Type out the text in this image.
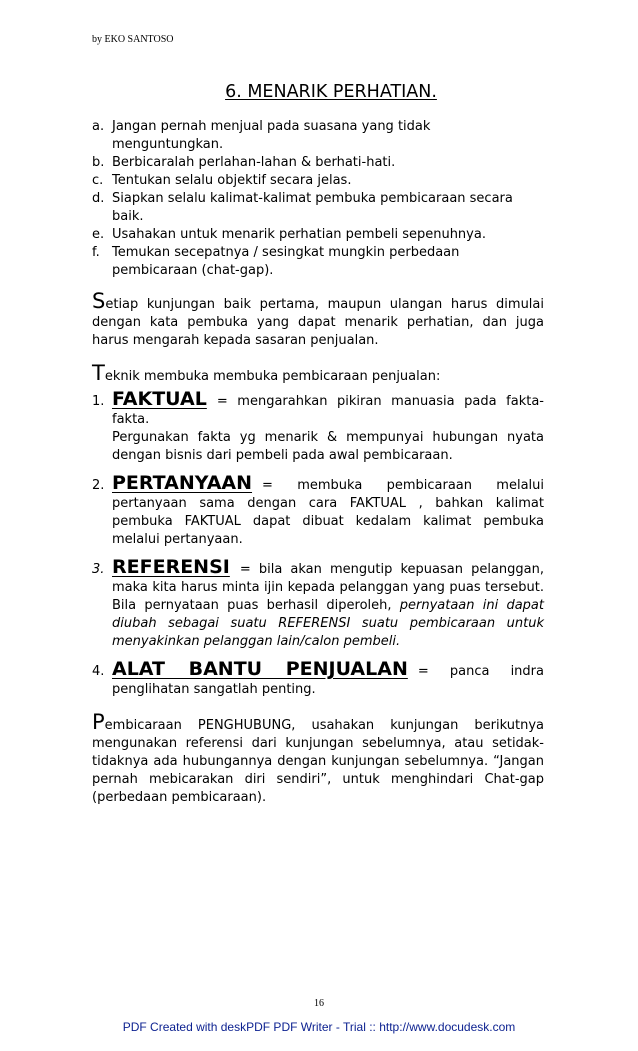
by EKO SANTOSO
6. MENARIK PERHATIAN.
a. Jangan pernah menjual pada suasana yang tidak menguntungkan.
b. Berbicaralah perlahan-lahan & berhati-hati.
c. Tentukan selalu objektif secara jelas.
d. Siapkan selalu kalimat-kalimat pembuka pembicaraan secara baik.
e. Usahakan untuk menarik perhatian pembeli sepenuhnya.
f. Temukan secepatnya / sesingkat mungkin perbedaan pembicaraan (chat-gap).

Setiap kunjungan baik pertama, maupun ulangan harus dimulai dengan kata pembuka yang dapat menarik perhatian, dan juga harus mengarah kepada sasaran penjualan.

Teknik membuka membuka pembicaraan penjualan:

1. FAKTUAL = mengarahkan pikiran manuasia pada fakta-fakta.
Pergunakan fakta yg menarik & mempunyai hubungan nyata dengan bisnis dari pembeli pada awal pembicaraan.
2. PERTANYAAN = membuka pembicaraan melalui
pertanyaan sama dengan cara FAKTUAL , bahkan kalimat pembuka FAKTUAL dapat dibuat kedalam kalimat pembuka melalui pertanyaan.
3. REFERENSI = bila akan mengutip kepuasan pelanggan,
maka kita harus minta ijin kepada pelanggan yang puas tersebut. Bila pernyataan puas berhasil diperoleh, pernyataan ini dapat diubah sebagai suatu REFERENSI suatu pembicaraan untuk menyakinkan pelanggan lain/calon pembeli.
4. ALAT BANTU PENJUALAN = panca indra
penglihatan sangatlah penting.

Pembicaraan PENGHUBUNG, usahakan kunjungan berikutnya mengunakan referensi dari kunjungan sebelumnya, atau setidak-tidaknya ada hubungannya dengan kunjungan sebelumnya. “Jangan pernah mebicarakan diri sendiri”, untuk menghindari Chat-gap (perbedaan pembicaraan).

16
PDF Created with deskPDF PDF Writer - Trial :: http://www.docudesk.com
